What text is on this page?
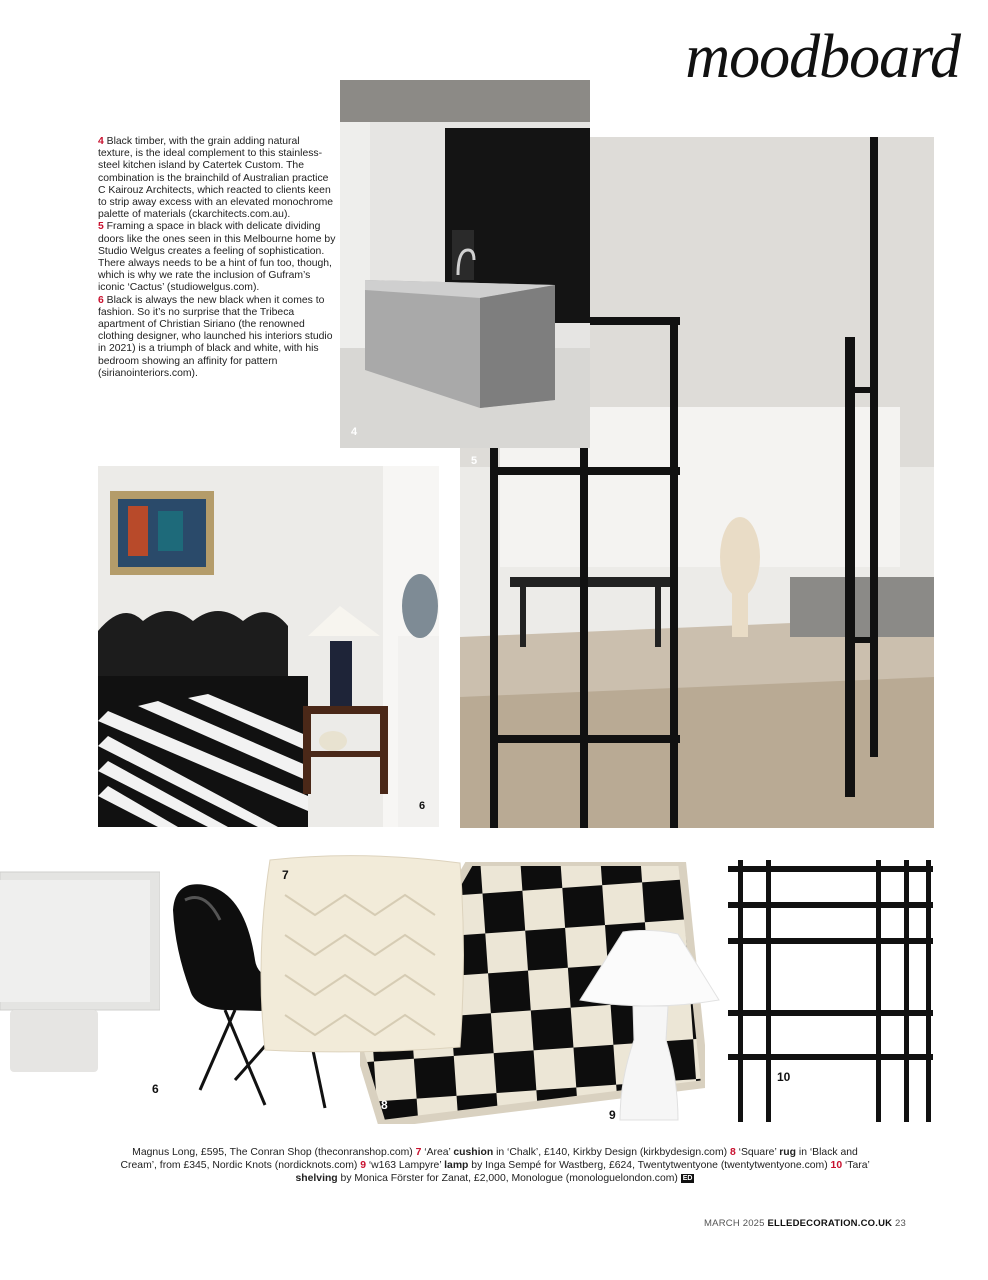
moodboard

4 Black timber, with the grain adding natural texture, is the ideal complement to this stainless-steel kitchen island by Catertek Custom. The combination is the brainchild of Australian practice C Kairouz Architects, which reacted to clients keen to strip away excess with an elevated monochrome palette of materials (ckarchitects.com.au).

5 Framing a space in black with delicate dividing doors like the ones seen in this Melbourne home by Studio Welgus creates a feeling of sophistication. There always needs to be a hint of fun too, though, which is why we rate the inclusion of Gufram’s iconic ‘Cactus’ (studiowelgus.com).

6 Black is always the new black when it comes to fashion. So it’s no surprise that the Tribeca apartment of Christian Siriano (the renowned clothing designer, who launched his interiors studio in 2021) is a triumph of black and white, with his bedroom showing an affinity for pattern (sirianointeriors.com).

5
4
6
6
8
7
9
10
Magnus Long, £595, The Conran Shop (theconranshop.com) 7 ‘Area’ cushion in ‘Chalk’, £140, Kirkby Design (kirkbydesign.com) 8 ‘Square’ rug in ‘Black and Cream’, from £345, Nordic Knots (nordicknots.com) 9 ‘w163 Lampyre’ lamp by Inga Sempé for Wastberg, £624, Twentytwentyone (twentytwentyone.com) 10 ‘Tara’ shelving by Monica Förster for Zanat, £2,000, Monologue (monologuelondon.com) ED
MARCH 2025 ELLEDECORATION.CO.UK 23
